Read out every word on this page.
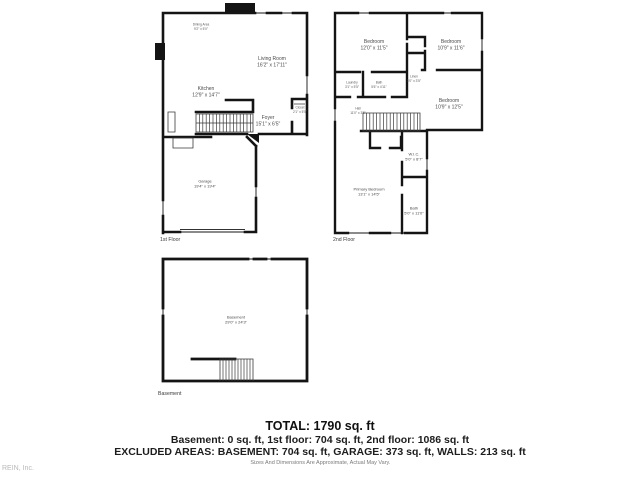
Dining Area
9'2" x 5'0"
Living Room
16'2" x 17'11"
Kitchen
12'9" x 14'7"
Foyer
15'1" x 6'5"
Closet
2'1" x 5'5"
Garage
19'4" x 19'4"
1st Floor
Bedroom
12'0" x 11'5"
Bedroom
10'9" x 11'6"
Bedroom
10'9" x 12'5"
Linen
3'0" x 3'5"
Laundry
3'1" x 5'5"
Bath
5'6" x 4'11"
Hall
11'0" x 3'5"
W.I.C.
5'0" x 8'7"
Bath
5'0" x 11'0"
Primary Bedroom
13'1" x 14'5"
2nd Floor
Basement
29'0" x 24'3"
Basement
TOTAL: 1790 sq. ft
Basement: 0 sq. ft, 1st floor: 704 sq. ft, 2nd floor: 1086 sq. ft
EXCLUDED AREAS: BASEMENT: 704 sq. ft, GARAGE: 373 sq. ft, WALLS: 213 sq. ft
Sizes And Dimensions Are Approximate, Actual May Vary.
REIN, Inc.
